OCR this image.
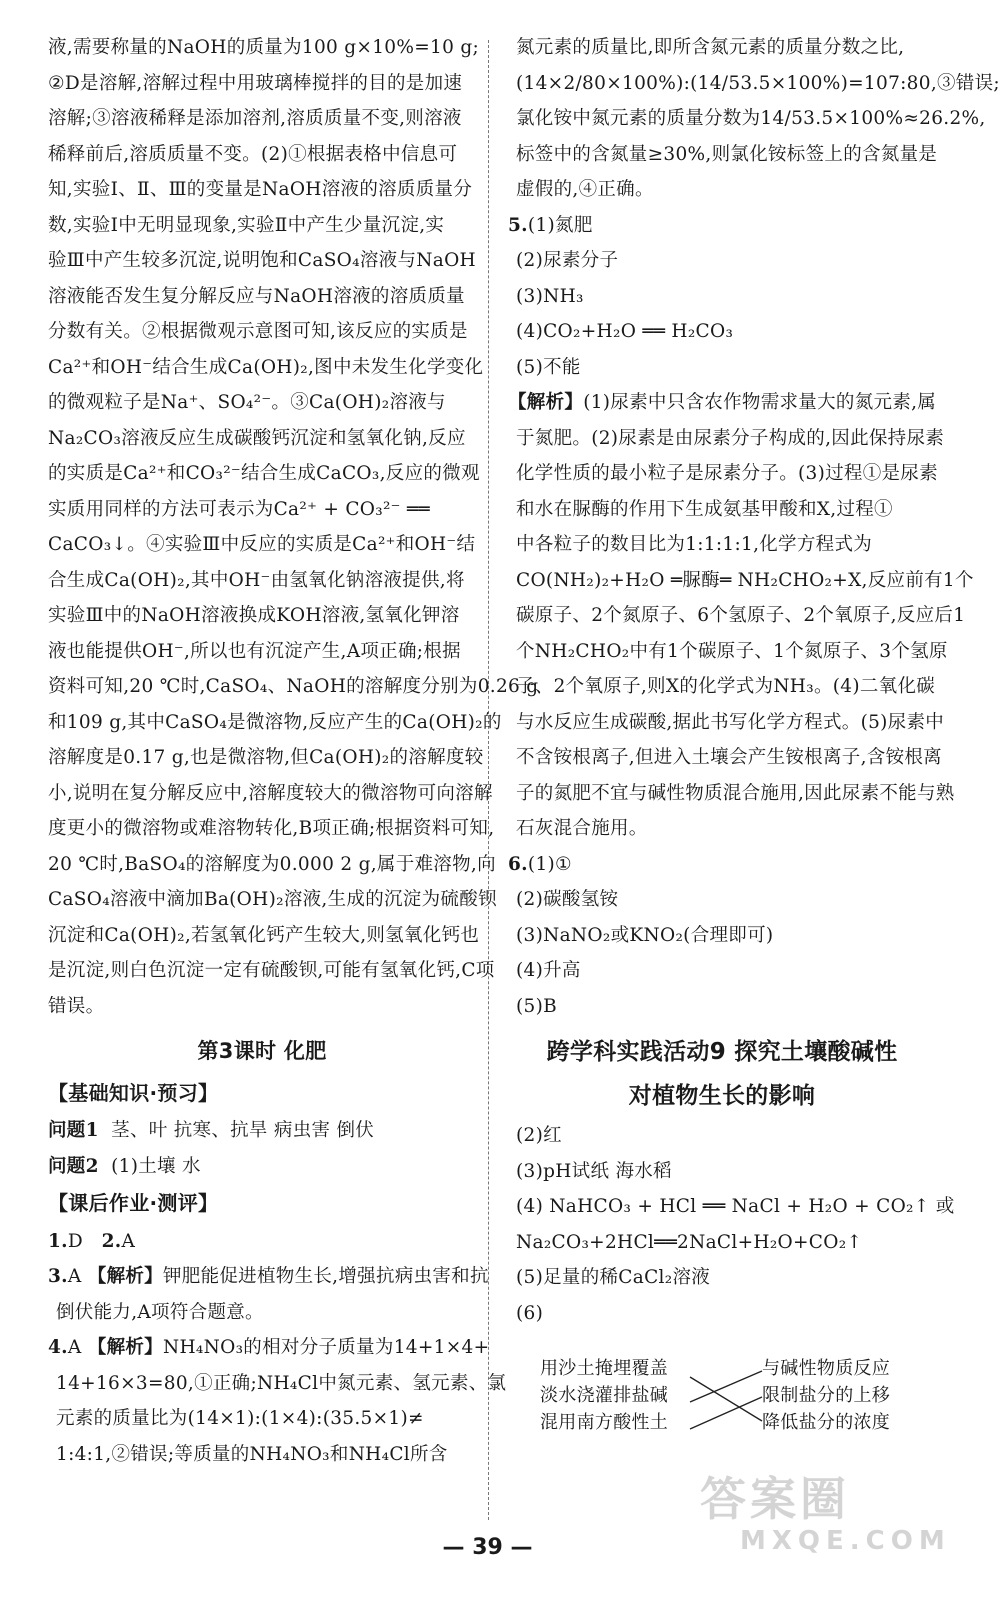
液,需要称量的NaOH的质量为100 g×10%=10 g;
②D是溶解,溶解过程中用玻璃棒搅拌的目的是加速
溶解;③溶液稀释是添加溶剂,溶质质量不变,则溶液
稀释前后,溶质质量不变。(2)①根据表格中信息可
知,实验Ⅰ、Ⅱ、Ⅲ的变量是NaOH溶液的溶质质量分
数,实验Ⅰ中无明显现象,实验Ⅱ中产生少量沉淀,实
验Ⅲ中产生较多沉淀,说明饱和CaSO₄溶液与NaOH
溶液能否发生复分解反应与NaOH溶液的溶质质量
分数有关。②根据微观示意图可知,该反应的实质是
Ca²⁺和OH⁻结合生成Ca(OH)₂,图中未发生化学变化
的微观粒子是Na⁺、SO₄²⁻。③Ca(OH)₂溶液与
Na₂CO₃溶液反应生成碳酸钙沉淀和氢氧化钠,反应
的实质是Ca²⁺和CO₃²⁻结合生成CaCO₃,反应的微观
实质用同样的方法可表示为Ca²⁺ + CO₃²⁻ ══
CaCO₃↓。④实验Ⅲ中反应的实质是Ca²⁺和OH⁻结
合生成Ca(OH)₂,其中OH⁻由氢氧化钠溶液提供,将
实验Ⅲ中的NaOH溶液换成KOH溶液,氢氧化钾溶
液也能提供OH⁻,所以也有沉淀产生,A项正确;根据
资料可知,20 ℃时,CaSO₄、NaOH的溶解度分别为0.26 g
和109 g,其中CaSO₄是微溶物,反应产生的Ca(OH)₂的
溶解度是0.17 g,也是微溶物,但Ca(OH)₂的溶解度较
小,说明在复分解反应中,溶解度较大的微溶物可向溶解
度更小的微溶物或难溶物转化,B项正确;根据资料可知,
20 ℃时,BaSO₄的溶解度为0.000 2 g,属于难溶物,向
CaSO₄溶液中滴加Ba(OH)₂溶液,生成的沉淀为硫酸钡
沉淀和Ca(OH)₂,若氢氧化钙产生较大,则氢氧化钙也
是沉淀,则白色沉淀一定有硫酸钡,可能有氢氧化钙,C项
错误。
第3课时 化肥
【基础知识·预习】
问题1 茎、叶 抗寒、抗旱 病虫害 倒伏
问题2 (1)土壤 水
【课后作业·测评】
1.D 2.A
3.A 【解析】钾肥能促进植物生长,增强抗病虫害和抗
倒伏能力,A项符合题意。
4.A 【解析】NH₄NO₃的相对分子质量为14+1×4+
14+16×3=80,①正确;NH₄Cl中氮元素、氢元素、氯
元素的质量比为(14×1):(1×4):(35.5×1)≠
1:4:1,②错误;等质量的NH₄NO₃和NH₄Cl所含
氮元素的质量比,即所含氮元素的质量分数之比,
(14×2/80×100%):(14/53.5×100%)=107:80,③错误;
氯化铵中氮元素的质量分数为14/53.5×100%≈26.2%,
标签中的含氮量≥30%,则氯化铵标签上的含氮量是
虚假的,④正确。
5.(1)氮肥
(2)尿素分子
(3)NH₃
(4)CO₂+H₂O ══ H₂CO₃
(5)不能
【解析】(1)尿素中只含农作物需求量大的氮元素,属
于氮肥。(2)尿素是由尿素分子构成的,因此保持尿素
化学性质的最小粒子是尿素分子。(3)过程①是尿素
和水在脲酶的作用下生成氨基甲酸和X,过程①
中各粒子的数目比为1:1:1:1,化学方程式为
CO(NH₂)₂+H₂O ═脲酶═ NH₂CHO₂+X,反应前有1个
碳原子、2个氮原子、6个氢原子、2个氧原子,反应后1
个NH₂CHO₂中有1个碳原子、1个氮原子、3个氢原
子、2个氧原子,则X的化学式为NH₃。(4)二氧化碳
与水反应生成碳酸,据此书写化学方程式。(5)尿素中
不含铵根离子,但进入土壤会产生铵根离子,含铵根离
子的氮肥不宜与碱性物质混合施用,因此尿素不能与熟
石灰混合施用。
6.(1)①
(2)碳酸氢铵
(3)NaNO₂或KNO₂(合理即可)
(4)升高
(5)B
跨学科实践活动9 探究土壤酸碱性
对植物生长的影响
(2)红
(3)pH试纸 海水稻
(4) NaHCO₃ + HCl ══ NaCl + H₂O + CO₂↑ 或
Na₂CO₃+2HCl══2NaCl+H₂O+CO₂↑
(5)足量的稀CaCl₂溶液
(6)
用沙土掩埋覆盖
淡水浇灌排盐碱
混用南方酸性土
与碱性物质反应
限制盐分的上移
降低盐分的浓度
— 39 —
答案圈
MXQE.COM
